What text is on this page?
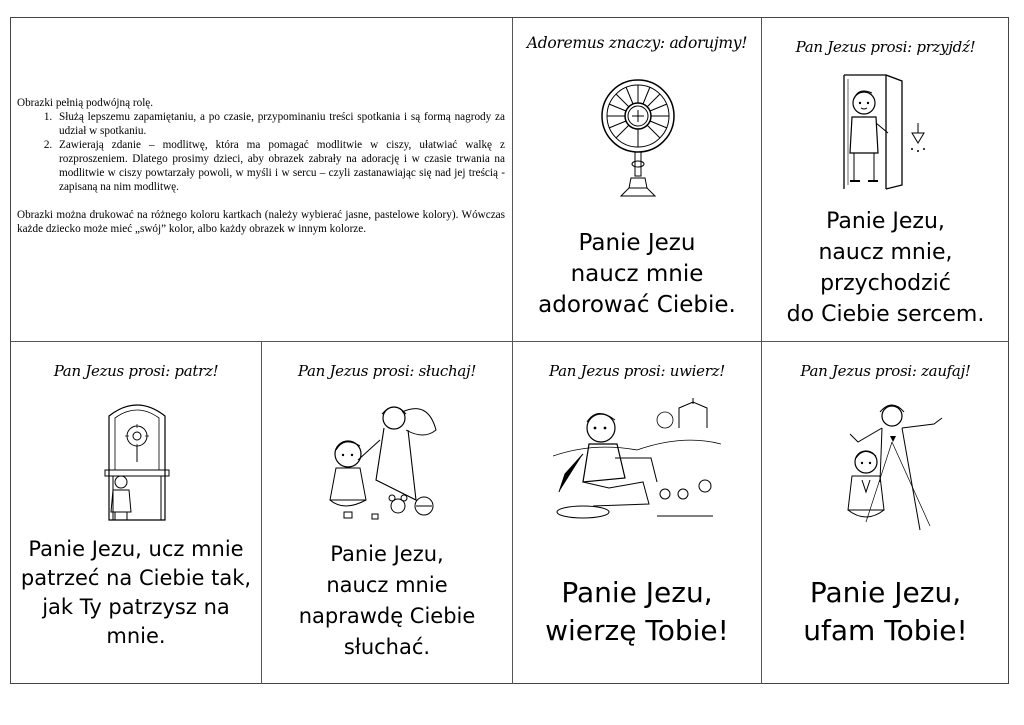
Obrazki pełnią podwójną rolę.

1. Służą lepszemu zapamiętaniu, a po czasie, przypominaniu treści spotkania i są formą nagrody za udział w spotkaniu.
2. Zawierają zdanie – modlitwę, która ma pomagać modlitwie w ciszy, ułatwiać walkę z rozproszeniem. Dlatego prosimy dzieci, aby obrazek zabrały na adorację i w czasie trwania na modlitwie w ciszy powtarzały powoli, w myśli i w sercu – czyli zastanawiając się nad jej treścią - zapisaną na nim modlitwę.

Obrazki można drukować na różnego koloru kartkach (należy wybierać jasne, pastelowe kolory). Wówczas każde dziecko może mieć „swój” kolor, albo każdy obrazek w innym kolorze.

Adoremus znaczy: adorujmy!
Panie Jezu
naucz mnie
adorować Ciebie.
Pan Jezus prosi: przyjdź!
Panie Jezu,
naucz mnie,
przychodzić
do Ciebie sercem.
Pan Jezus prosi: patrz!
Panie Jezu, ucz mnie
patrzeć na Ciebie tak,
jak Ty patrzysz na
mnie.
Pan Jezus prosi: słuchaj!
Panie Jezu,
naucz mnie
naprawdę Ciebie
słuchać.
Pan Jezus prosi: uwierz!
Panie Jezu,
wierzę Tobie!
Pan Jezus prosi: zaufaj!
Panie Jezu,
ufam Tobie!
